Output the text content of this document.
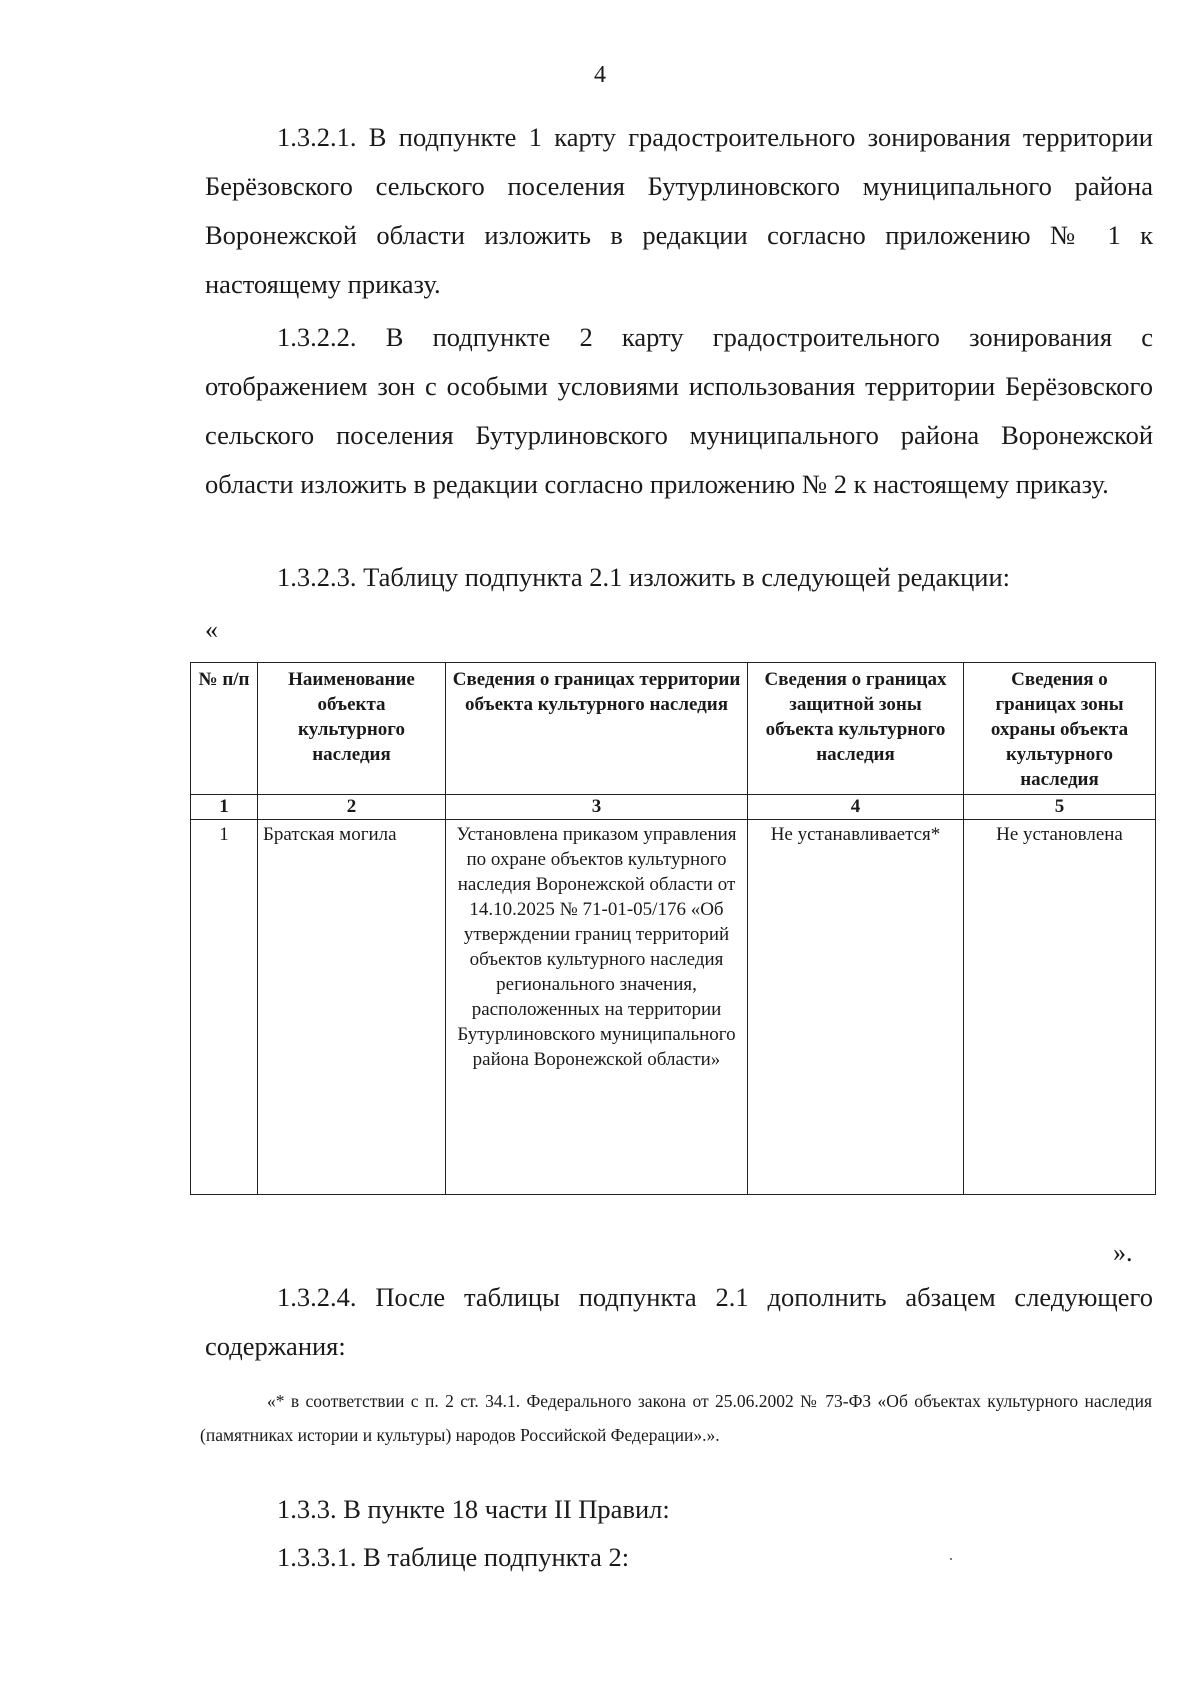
4
1.3.2.1. В подпункте 1 карту градостроительного зонирования территории Берёзовского сельского поселения Бутурлиновского муниципального района Воронежской области изложить в редакции согласно приложению № 1 к настоящему приказу.
1.3.2.2. В подпункте 2 карту градостроительного зонирования с отображением зон с особыми условиями использования территории Берёзовского сельского поселения Бутурлиновского муниципального района Воронежской области изложить в редакции согласно приложению № 2 к настоящему приказу.
1.3.2.3. Таблицу подпункта 2.1 изложить в следующей редакции:
«
№ п/п	Наименование объекта культурного наследия	Сведения о границах территории объекта культурного наследия	Сведения о границах защитной зоны объекта культурного наследия	Сведения о границах зоны охраны объекта культурного наследия
1	2	3	4	5
1	Братская могила	Установлена приказом управления по охране объектов культурного наследия Воронежской области от 14.10.2025 № 71-01-05/176 «Об утверждении границ территорий объектов культурного наследия регионального значения, расположенных на территории Бутурлиновского муниципального района Воронежской области»	Не устанавливается*	Не установлена
».
1.3.2.4. После таблицы подпункта 2.1 дополнить абзацем следующего содержания:
«* в соответствии с п. 2 ст. 34.1. Федерального закона от 25.06.2002 № 73-ФЗ «Об объектах культурного наследия (памятниках истории и культуры) народов Российской Федерации».».
1.3.3. В пункте 18 части II Правил:
1.3.3.1. В таблице подпункта 2:
